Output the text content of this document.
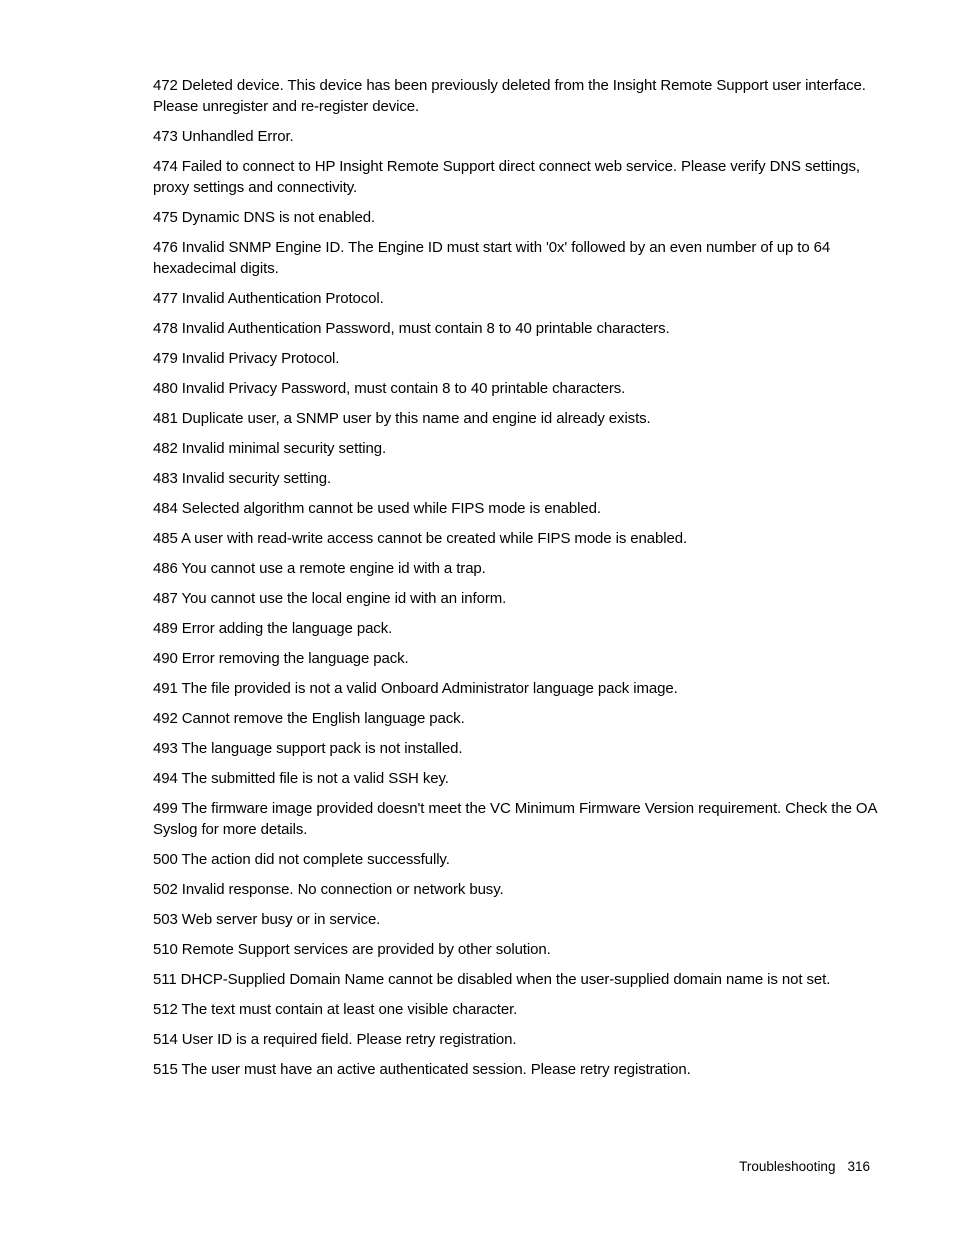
472 Deleted device. This device has been previously deleted from the Insight Remote Support user interface. Please unregister and re-register device.

473 Unhandled Error.

474 Failed to connect to HP Insight Remote Support direct connect web service. Please verify DNS settings, proxy settings and connectivity.

475 Dynamic DNS is not enabled.

476 Invalid SNMP Engine ID. The Engine ID must start with '0x' followed by an even number of up to 64 hexadecimal digits.

477 Invalid Authentication Protocol.

478 Invalid Authentication Password, must contain 8 to 40 printable characters.

479 Invalid Privacy Protocol.

480 Invalid Privacy Password, must contain 8 to 40 printable characters.

481 Duplicate user, a SNMP user by this name and engine id already exists.

482 Invalid minimal security setting.

483 Invalid security setting.

484 Selected algorithm cannot be used while FIPS mode is enabled.

485 A user with read-write access cannot be created while FIPS mode is enabled.

486 You cannot use a remote engine id with a trap.

487 You cannot use the local engine id with an inform.

489 Error adding the language pack.

490 Error removing the language pack.

491 The file provided is not a valid Onboard Administrator language pack image.

492 Cannot remove the English language pack.

493 The language support pack is not installed.

494 The submitted file is not a valid SSH key.

499 The firmware image provided doesn't meet the VC Minimum Firmware Version requirement. Check the OA Syslog for more details.

500 The action did not complete successfully.

502 Invalid response. No connection or network busy.

503 Web server busy or in service.

510 Remote Support services are provided by other solution.

511 DHCP-Supplied Domain Name cannot be disabled when the user-supplied domain name is not set.

512 The text must contain at least one visible character.

514 User ID is a required field. Please retry registration.

515 The user must have an active authenticated session. Please retry registration.

Troubleshooting 316
